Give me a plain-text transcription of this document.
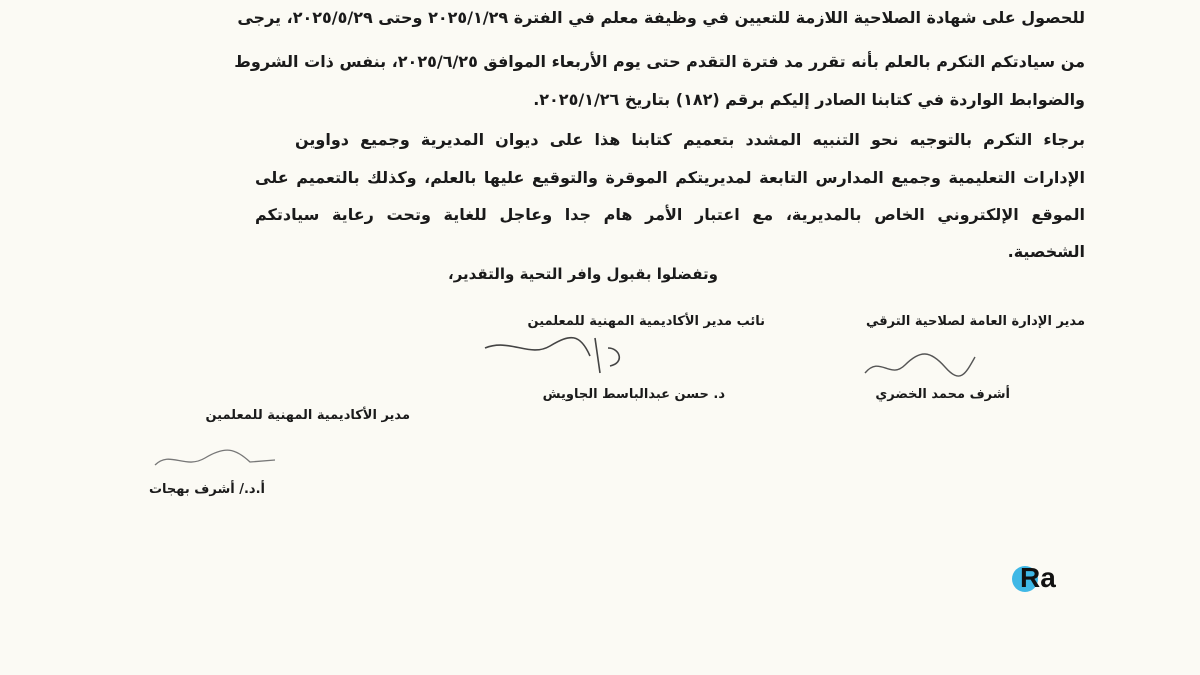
للحصول على شهادة الصلاحية اللازمة للتعيين في وظيفة معلم في الفترة ٢٠٢٥/١/٢٩ وحتى ٢٠٢٥/٥/٢٩، يرجى
من سيادتكم التكرم بالعلم بأنه تقرر مد فترة التقدم حتى يوم الأربعاء الموافق ٢٠٢٥/٦/٢٥، بنفس ذات الشروط
والضوابط الواردة في كتابنا الصادر إليكم برقم (١٨٢) بتاريخ ٢٠٢٥/١/٢٦.
برجاء التكرم بالتوجيه نحو التنبيه المشدد بتعميم كتابنا هذا على ديوان المديرية وجميع دواوين
الإدارات التعليمية وجميع المدارس التابعة لمديريتكم الموقرة والتوقيع عليها بالعلم، وكذلك بالتعميم على
الموقع الإلكتروني الخاص بالمديرية، مع اعتبار الأمر هام جدا وعاجل للغاية وتحت رعاية سيادتكم
الشخصية.
وتفضلوا بقبول وافر التحية والتقدير،
مدير الإدارة العامة لصلاحية الترقي
أشرف محمد الخضري
نائب مدير الأكاديمية المهنية للمعلمين
د. حسن عبدالباسط الجاويش
مدير الأكاديمية المهنية للمعلمين
أ.د./ أشرف بهجات
Ra
